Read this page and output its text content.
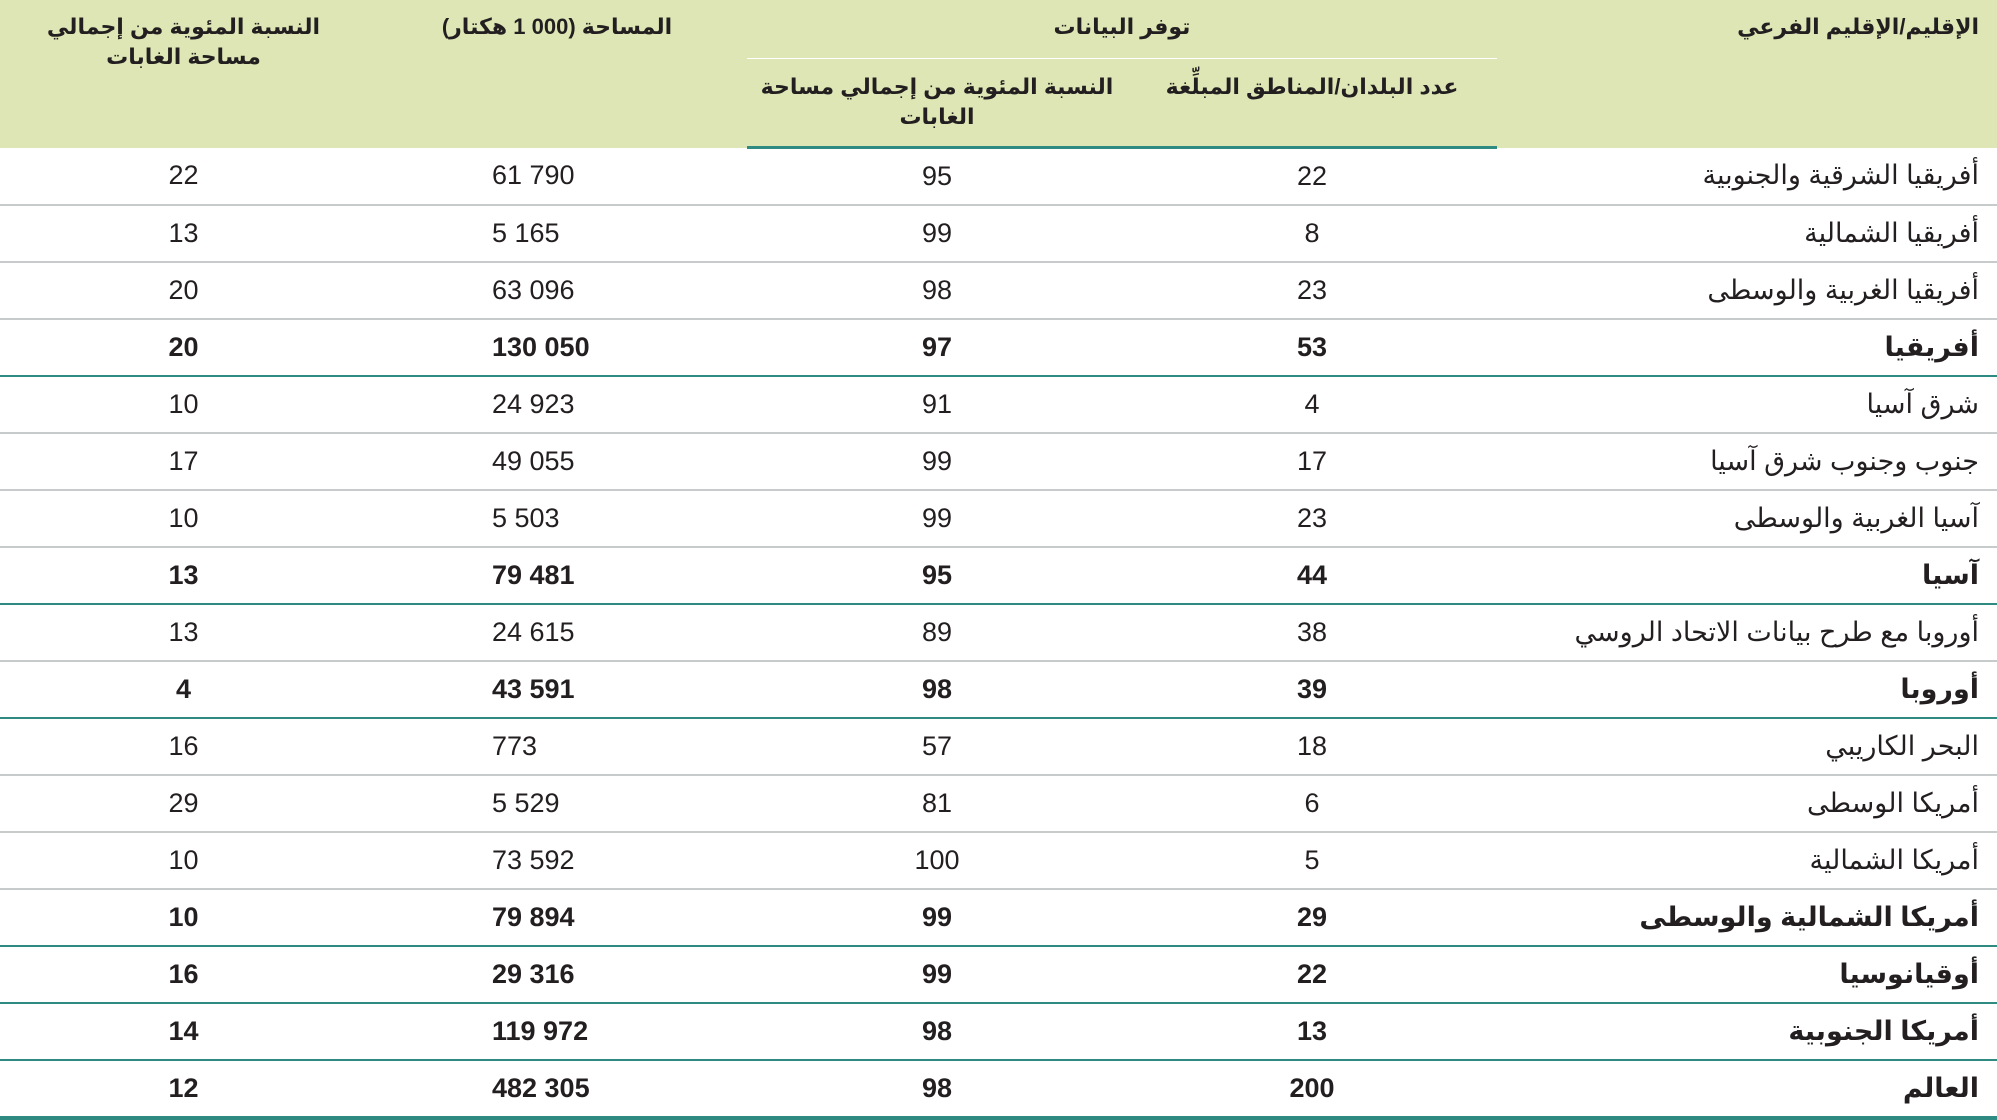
الإقليم/الإقليم الفرعي	توفر البيانات		المساحة (000 1 هكتار)	النسبة المئوية من إجمالي مساحة الغابات
	عدد البلدان/المناطق المبلِّغة	النسبة المئوية من إجمالي مساحة الغابات		
أفريقيا الشرقية والجنوبية	22	95	61 790	22
أفريقيا الشمالية	8	99	5 165	13
أفريقيا الغربية والوسطى	23	98	63 096	20
أفريقيا	53	97	130 050	20
شرق آسيا	4	91	24 923	10
جنوب وجنوب شرق آسيا	17	99	49 055	17
آسيا الغربية والوسطى	23	99	5 503	10
آسيا	44	95	79 481	13
أوروبا مع طرح بيانات الاتحاد الروسي	38	89	24 615	13
أوروبا	39	98	43 591	4
البحر الكاريبي	18	57	773	16
أمريكا الوسطى	6	81	5 529	29
أمريكا الشمالية	5	100	73 592	10
أمريكا الشمالية والوسطى	29	99	79 894	10
أوقيانوسيا	22	99	29 316	16
أمريكا الجنوبية	13	98	119 972	14
العالم	200	98	482 305	12
